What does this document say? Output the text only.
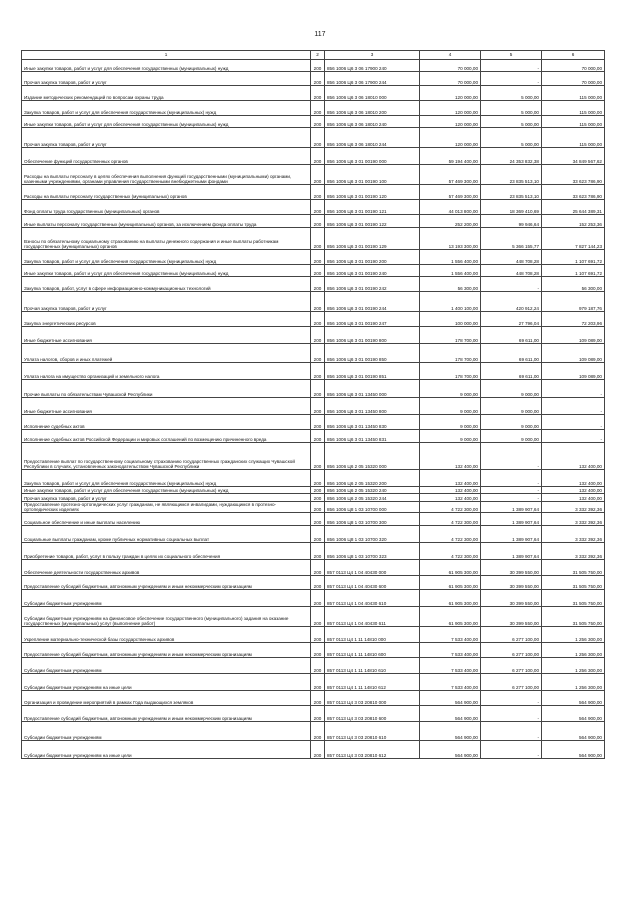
117
1	2	3	4	5	6
Иные закупки товаров, работ и услуг для обеспечения государственных (муниципальных) нужд	200	856 1006 Ц6 3 06 17900 240	70 000,00	-	70 000,00
Прочая закупка товаров, работ и услуг	200	856 1006 Ц6 3 06 17900 244	70 000,00	-	70 000,00
Издание методических рекомендаций по вопросам охраны труда	200	856 1006 Ц6 3 06 18010 000	120 000,00	5 000,00	115 000,00
Закупка товаров, работ и услуг для обеспечения государственных (муниципальных) нужд	200	856 1006 Ц6 3 06 18010 200	120 000,00	5 000,00	115 000,00
Иные закупки товаров, работ и услуг для обеспечения государственных (муниципальных) нужд	200	856 1006 Ц6 3 06 18010 240	120 000,00	5 000,00	115 000,00
Прочая закупка товаров, работ и услуг	200	856 1006 Ц6 3 06 18010 244	120 000,00	5 000,00	115 000,00
Обеспечение функций государственных органов	200	856 1006 Ц6 3 01 00190 000	59 194 400,00	24 353 832,38	34 849 567,62
Расходы на выплаты персоналу в целях обеспечения выполнения функций государственными (муниципальными) органами, казенными учреждениями, органами управления государственными внебюджетными фондами	200	856 1006 Ц6 3 01 00190 100	57 469 300,00	23 835 513,10	33 623 786,90
Расходы на выплаты персоналу государственных (муниципальных) органов	200	856 1006 Ц6 3 01 00190 120	57 469 300,00	23 835 513,10	33 623 786,90
Фонд оплаты труда государственных (муниципальных) органов	200	856 1006 Ц6 3 01 00190 121	44 013 800,00	18 369 410,69	25 644 389,31
Иные выплаты персоналу государственных (муниципальных) органов, за исключением фонда оплаты труда	200	856 1006 Ц6 3 01 00190 122	252 200,00	99 946,64	152 253,36
Взносы по обязательному социальному страхованию на выплаты денежного содержания и иные выплаты работникам государственных (муниципальных) органов	200	856 1006 Ц6 3 01 00190 129	13 193 300,00	5 366 155,77	7 827 144,23
Закупка товаров, работ и услуг для обеспечения государственных (муниципальных) нужд	200	856 1006 Ц6 3 01 00190 200	1 556 400,00	448 708,28	1 107 691,72
Иные закупки товаров, работ и услуг для обеспечения государственных (муниципальных) нужд	200	856 1006 Ц6 3 01 00190 240	1 556 400,00	448 708,28	1 107 691,72
Закупка товаров, работ, услуг в сфере информационно-коммуникационных технологий	200	856 1006 Ц6 3 01 00190 242	56 300,00	-	56 300,00
Прочая закупка товаров, работ и услуг	200	856 1006 Ц6 3 01 00190 244	1 400 100,00	420 912,24	979 187,76
Закупка энергетических ресурсов	200	856 1006 Ц6 3 01 00190 247	100 000,00	27 796,04	72 203,96
Иные бюджетные ассигнования	200	856 1006 Ц6 3 01 00190 800	178 700,00	69 611,00	109 089,00
Уплата налогов, сборов и иных платежей	200	856 1006 Ц6 3 01 00190 850	178 700,00	69 611,00	109 089,00
Уплата налога на имущество организаций и земельного налога	200	856 1006 Ц6 3 01 00190 851	178 700,00	69 611,00	109 089,00
Прочие выплаты по обязательствам Чувашской Республики	200	856 1006 Ц6 3 01 13450 000	9 000,00	9 000,00	-
Иные бюджетные ассигнования	200	856 1006 Ц6 3 01 13450 800	9 000,00	9 000,00	-
Исполнение судебных актов	200	856 1006 Ц6 3 01 13450 830	9 000,00	9 000,00	-
Исполнение судебных актов Российской Федерации и мировых соглашений по возмещению причиненного вреда	200	856 1006 Ц6 3 01 13450 831	9 000,00	9 000,00	-
Предоставление выплат по государственному социальному страхованию государственных гражданских служащих Чувашской Республики в случаях, установленных законодательством Чувашской Республики	200	856 1006 Ц6 2 05 15320 000	132 400,00	-	132 400,00
Закупка товаров, работ и услуг для обеспечения государственных (муниципальных) нужд	200	856 1006 Ц6 2 05 15320 200	132 400,00	-	132 400,00
Иные закупки товаров, работ и услуг для обеспечения государственных (муниципальных) нужд	200	856 1006 Ц6 2 05 15320 240	132 400,00	-	132 400,00
Прочая закупка товаров, работ и услуг	200	856 1006 Ц6 2 05 15320 244	132 400,00	-	132 400,00
Предоставление протезно-ортопедических услуг гражданам, не являющимся инвалидами, нуждающимся в протезно-ортопедических изделиях	200	856 1006 Ц8 1 03 10700 000	4 722 300,00	1 389 907,64	3 332 392,36
Социальное обеспечение и иные выплаты населению	200	856 1006 Ц8 1 03 10700 300	4 722 300,00	1 389 907,64	3 332 392,36
Социальные выплаты гражданам, кроме публичных нормативных социальных выплат	200	856 1006 Ц8 1 03 10700 320	4 722 300,00	1 389 907,64	3 332 392,36
Приобретение товаров, работ, услуг в пользу граждан в целях их социального обеспечения	200	856 1006 Ц8 1 03 10700 323	4 722 300,00	1 389 907,64	3 332 392,36
Обеспечение деятельности государственных архивов	200	857 0113 Ц4 1 04 40430 000	61 905 300,00	30 399 550,00	31 505 750,00
Предоставление субсидий бюджетным, автономным учреждениям и иным некоммерческим организациям	200	857 0113 Ц4 1 04 40430 600	61 905 300,00	30 399 550,00	31 505 750,00
Субсидии бюджетным учреждениям	200	857 0113 Ц4 1 04 40430 610	61 905 300,00	30 399 550,00	31 505 750,00
Субсидии бюджетным учреждениям на финансовое обеспечение государственного (муниципального) задания на оказание государственных (муниципальных) услуг (выполнение работ)	200	857 0113 Ц4 1 04 40430 611	61 905 300,00	30 399 550,00	31 505 750,00
Укрепление материально-технической базы государственных архивов	200	857 0113 Ц4 1 11 14810 000	7 533 400,00	6 277 100,00	1 256 300,00
Предоставление субсидий бюджетным, автономным учреждениям и иным некоммерческим организациям	200	857 0113 Ц4 1 11 14810 600	7 533 400,00	6 277 100,00	1 256 300,00
Субсидии бюджетным учреждениям	200	857 0113 Ц4 1 11 14810 610	7 533 400,00	6 277 100,00	1 256 300,00
Субсидии бюджетным учреждениям на иные цели	200	857 0113 Ц4 1 11 14810 612	7 533 400,00	6 277 100,00	1 256 300,00
Организация и проведение мероприятий в рамках Года выдающихся земляков	200	857 0113 Ц4 3 03 20810 000	564 900,00	-	564 900,00
Предоставление субсидий бюджетным, автономным учреждениям и иным некоммерческим организациям	200	857 0113 Ц4 3 03 20810 600	564 900,00	-	564 900,00
Субсидии бюджетным учреждениям	200	857 0113 Ц4 3 03 20810 610	564 900,00	-	564 900,00
Субсидии бюджетным учреждениям на иные цели	200	857 0113 Ц4 3 03 20810 612	564 900,00	-	564 900,00
